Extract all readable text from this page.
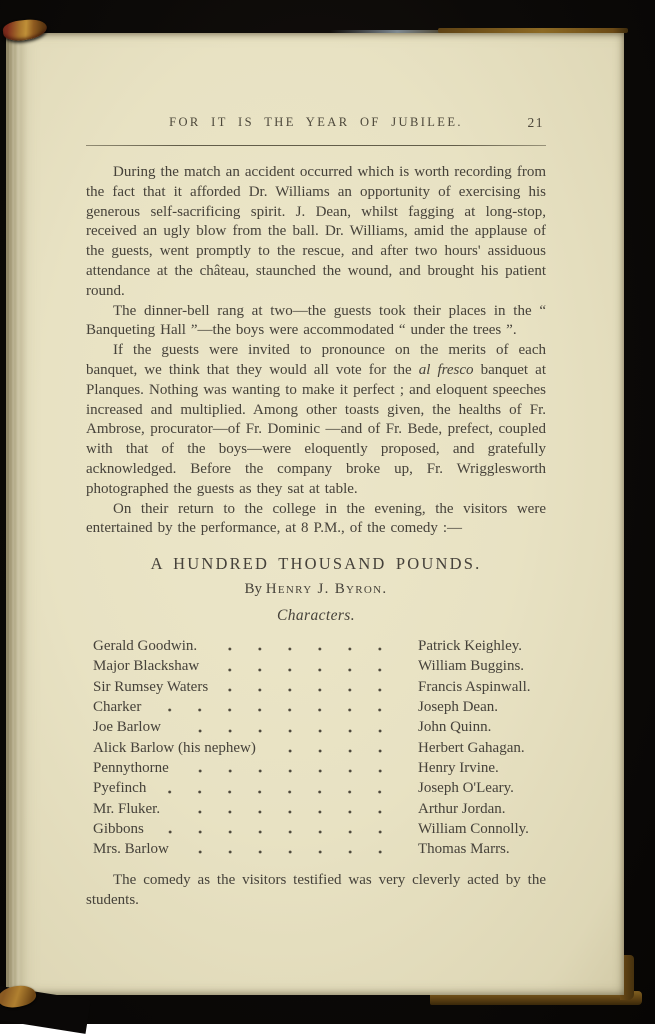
FOR IT IS THE YEAR OF JUBILEE.	21

During the match an accident occurred which is worth recording from the fact that it afforded Dr. Williams an opportunity of exercising his generous self-sacrificing spirit. J. Dean, whilst fagging at long-stop, received an ugly blow from the ball. Dr. Williams, amid the applause of the guests, went promptly to the rescue, and after two hours' assiduous attendance at the château, staunched the wound, and brought his patient round.

The dinner-bell rang at two—the guests took their places in the “ Banqueting Hall ”—the boys were accommodated “ under the trees ”.

If the guests were invited to pronounce on the merits of each banquet, we think that they would all vote for the al fresco banquet at Planques. Nothing was wanting to make it perfect ; and eloquent speeches increased and multiplied. Among other toasts given, the healths of Fr. Ambrose, procurator—of Fr. Dominic —and of Fr. Bede, prefect, coupled with that of the boys—were eloquently proposed, and gratefully acknowledged. Before the company broke up, Fr. Wrigglesworth photographed the guests as they sat at table.

On their return to the college in the evening, the visitors were entertained by the performance, at 8 P.M., of the comedy :—

A HUNDRED THOUSAND POUNDS.
By Henry J. Byron.
Characters.
Gerald Goodwin.	Patrick Keighley.
Major Blackshaw	William Buggins.
Sir Rumsey Waters	Francis Aspinwall.
Charker	Joseph Dean.
Joe Barlow	John Quinn.
Alick Barlow (his nephew)	Herbert Gahagan.
Pennythorne	Henry Irvine.
Pyefinch	Joseph O'Leary.
Mr. Fluker.	Arthur Jordan.
Gibbons	William Connolly.
Mrs. Barlow	Thomas Marrs.

The comedy as the visitors testified was very cleverly acted by the students.
